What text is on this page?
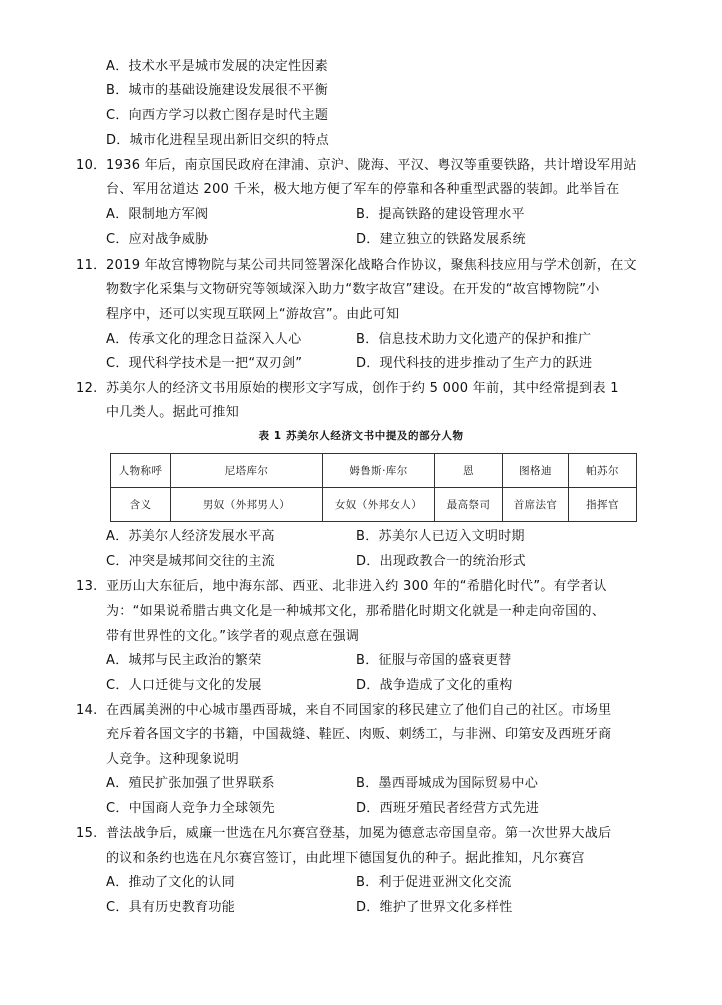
A．技术水平是城市发展的决定性因素
B．城市的基础设施建设发展很不平衡
C．向西方学习以救亡图存是时代主题
D．城市化进程呈现出新旧交织的特点
10． 1936 年后，南京国民政府在津浦、京沪、陇海、平汉、粤汉等重要铁路，共计增设军用站
台、军用岔道达 200 千米，极大地方便了军车的停靠和各种重型武器的装卸。此举旨在
A．限制地方军阀	B．提高铁路的建设管理水平
C．应对战争威胁	D．建立独立的铁路发展系统
11． 2019 年故宫博物院与某公司共同签署深化战略合作协议，聚焦科技应用与学术创新，在文
物数字化采集与文物研究等领域深入助力“数字故宫”建设。在开发的“故宫博物院”小
程序中，还可以实现互联网上“游故宫”。由此可知
A．传承文化的理念日益深入人心	B．信息技术助力文化遗产的保护和推广
C．现代科学技术是一把“双刃剑”	D．现代科技的进步推动了生产力的跃进
12. 苏美尔人的经济文书用原始的楔形文字写成，创作于约 5 000 年前，其中经常提到表 1
中几类人。据此可推知
表 1 苏美尔人经济文书中提及的部分人物
人物称呼	尼塔库尔	姆鲁斯·库尔	恩	图格迪	帕苏尔
含义	男奴（外邦男人）	女奴（外邦女人）	最高祭司	首席法官	指挥官
A．苏美尔人经济发展水平高	B．苏美尔人已迈入文明时期
C．冲突是城邦间交往的主流	D．出现政教合一的统治形式
13. 亚历山大东征后，地中海东部、西亚、北非进入约 300 年的“希腊化时代”。有学者认
为：“如果说希腊古典文化是一种城邦文化，那希腊化时期文化就是一种走向帝国的、
带有世界性的文化。”该学者的观点意在强调
A．城邦与民主政治的繁荣	B．征服与帝国的盛衰更替
C．人口迁徙与文化的发展	D．战争造成了文化的重构
14. 在西属美洲的中心城市墨西哥城，来自不同国家的移民建立了他们自己的社区。市场里
充斥着各国文字的书籍，中国裁缝、鞋匠、肉贩、刺绣工，与非洲、印第安及西班牙商
人竞争。这种现象说明
A．殖民扩张加强了世界联系	B．墨西哥城成为国际贸易中心
C．中国商人竞争力全球领先	D．西班牙殖民者经营方式先进
15. 普法战争后，威廉一世选在凡尔赛宫登基，加冕为德意志帝国皇帝。第一次世界大战后
的议和条约也选在凡尔赛宫签订，由此埋下德国复仇的种子。据此推知，凡尔赛宫
A．推动了文化的认同	B．利于促进亚洲文化交流
C．具有历史教育功能	D．维护了世界文化多样性
